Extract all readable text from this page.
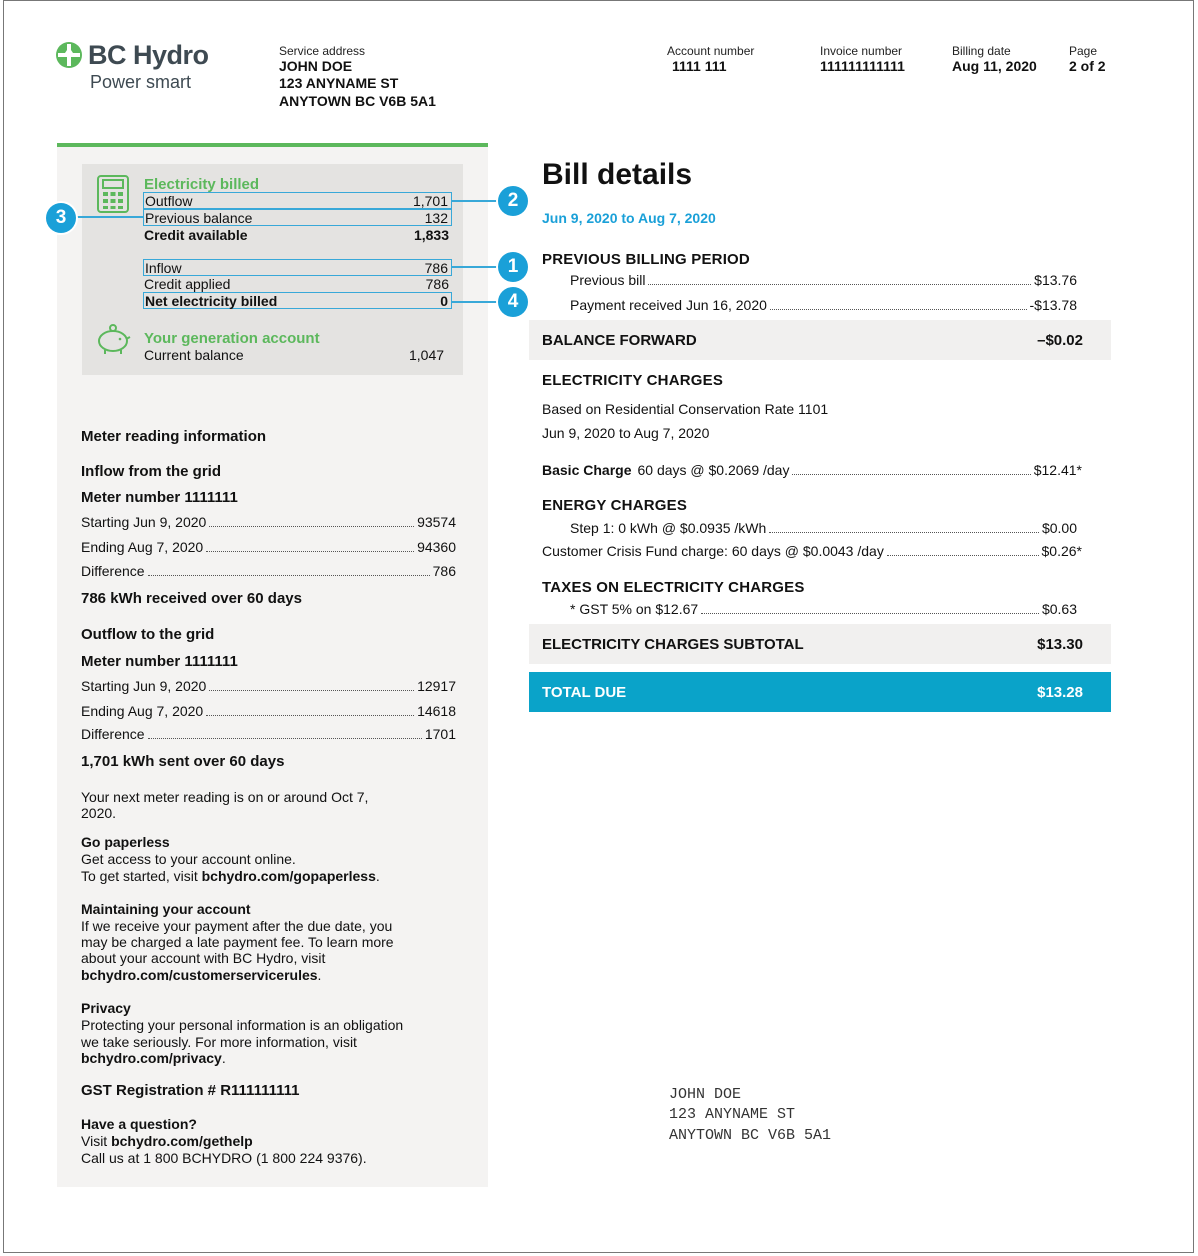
BC Hydro
Power smart
Service address
JOHN DOE
123 ANYNAME ST
ANYTOWN BC V6B 5A1
Account number
1111 111
Invoice number
111111111111
Billing date
Aug 11, 2020
Page
2 of 2
Electricity billed
Outflow	1,701
Previous balance	132
Credit available	1,833
Inflow	786
Credit applied	786
Net electricity billed	0
Your generation account
Current balance	1,047
3
2
1
4
Meter reading information
Inflow from the grid
Meter number 1111111
Starting Jun 9, 2020	93574
Ending Aug 7, 2020	94360
Difference	786
786 kWh received over 60 days
Outflow to the grid
Meter number 1111111
Starting Jun 9, 2020	12917
Ending Aug 7, 2020	14618
Difference	1701
1,701 kWh sent over 60 days
Your next meter reading is on or around Oct 7,
2020.
Go paperless
Get access to your account online.
To get started, visit bchydro.com/gopaperless.
Maintaining your account
If we receive your payment after the due date, you
may be charged a late payment fee. To learn more
about your account with BC Hydro, visit
bchydro.com/customerservicerules.
Privacy
Protecting your personal information is an obligation
we take seriously. For more information, visit
bchydro.com/privacy.
GST Registration # R111111111
Have a question?
Visit bchydro.com/gethelp
Call us at 1 800 BCHYDRO (1 800 224 9376).
Bill details
Jun 9, 2020 to Aug 7, 2020
PREVIOUS BILLING PERIOD
Previous bill	$13.76
Payment received Jun 16, 2020	-$13.78
BALANCE FORWARD	–$0.02
ELECTRICITY CHARGES
Based on Residential Conservation Rate 1101
Jun 9, 2020 to Aug 7, 2020
Basic Charge 60 days @ $0.2069 /day	$12.41*
ENERGY CHARGES
Step 1: 0 kWh @ $0.0935 /kWh	$0.00
Customer Crisis Fund charge: 60 days @ $0.0043 /day	$0.26*
TAXES ON ELECTRICITY CHARGES
* GST 5% on $12.67	$0.63
ELECTRICITY CHARGES SUBTOTAL	$13.30
TOTAL DUE	$13.28
JOHN DOE
123 ANYNAME ST
ANYTOWN BC V6B 5A1
